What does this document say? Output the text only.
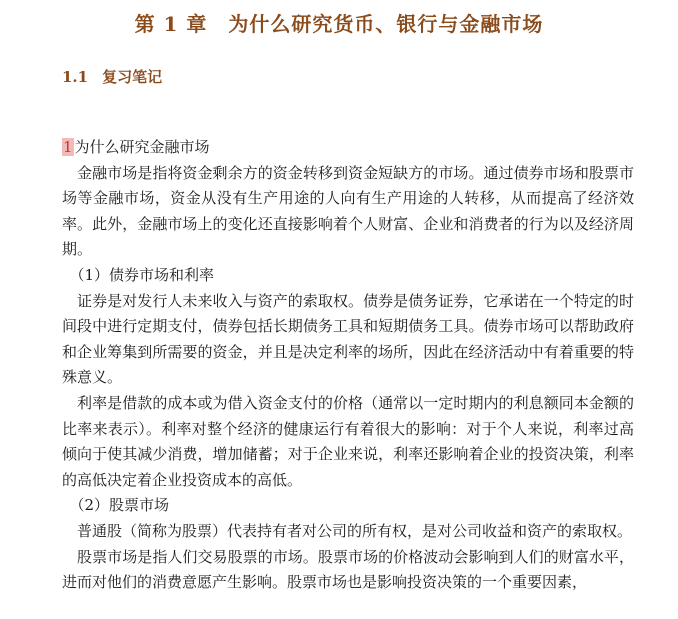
第 1 章　为什么研究货币、银行与金融市场
1.1 复习笔记

1 为什么研究金融市场

　金融市场是指将资金剩余方的资金转移到资金短缺方的市场。通过债券市场和股票市场等金融市场，资金从没有生产用途的人向有生产用途的人转移，从而提高了经济效率。此外，金融市场上的变化还直接影响着个人财富、企业和消费者的行为以及经济周期。

　（1）债券市场和利率

　证券是对发行人未来收入与资产的索取权。债券是债务证券，它承诺在一个特定的时间段中进行定期支付，债券包括长期债务工具和短期债务工具。债券市场可以帮助政府和企业筹集到所需要的资金，并且是决定利率的场所，因此在经济活动中有着重要的特殊意义。

　利率是借款的成本或为借入资金支付的价格（通常以一定时期内的利息额同本金额的比率来表示）。利率对整个经济的健康运行有着很大的影响：对于个人来说，利率过高倾向于使其减少消费，增加储蓄；对于企业来说，利率还影响着企业的投资决策，利率的高低决定着企业投资成本的高低。

　（2）股票市场

　普通股（简称为股票）代表持有者对公司的所有权，是对公司收益和资产的索取权。

　股票市场是指人们交易股票的市场。股票市场的价格波动会影响到人们的财富水平，进而对他们的消费意愿产生影响。股票市场也是影响投资决策的一个重要因素，
